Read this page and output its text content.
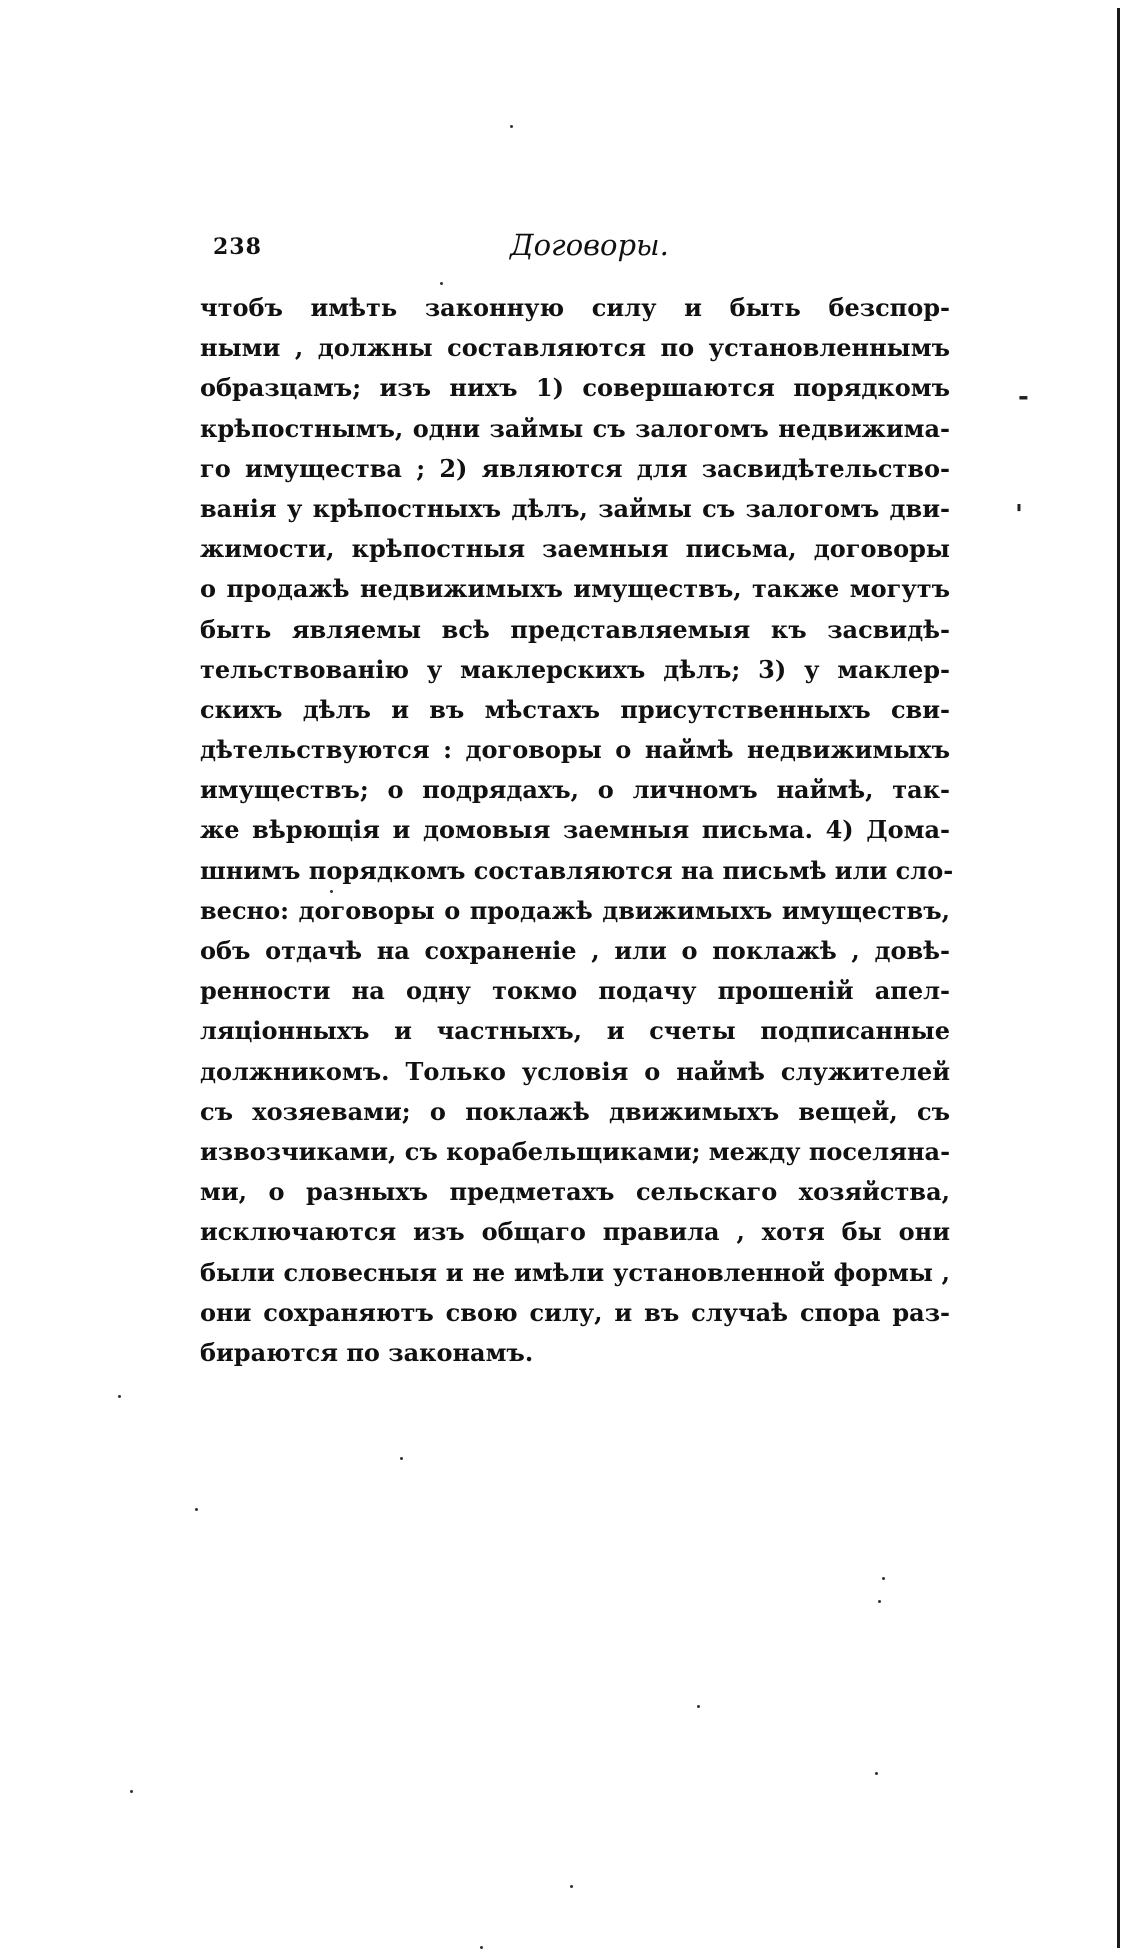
238	Договоры.
чтобъ имѣть законную силу и быть безспор-
ными , должны составляются по установленнымъ
образцамъ; изъ нихъ 1) совершаются порядкомъ
крѣпостнымъ, одни займы съ залогомъ недвижима-
го имущества ; 2) являются для засвидѣтельство-
ванія у крѣпостныхъ дѣлъ, займы съ залогомъ дви-
жимости, крѣпостныя заемныя письма, договоры
о продажѣ недвижимыхъ имуществъ, также могутъ
быть являемы всѣ представляемыя къ засвидѣ-
тельствованію у маклерскихъ дѣлъ; 3) у маклер-
скихъ дѣлъ и въ мѣстахъ присутственныхъ сви-
дѣтельствуются : договоры о наймѣ недвижимыхъ
имуществъ; о подрядахъ, о личномъ наймѣ, так-
же вѣрющія и домовыя заемныя письма. 4) Дома-
шнимъ порядкомъ составляются на письмѣ или сло-
весно: договоры о продажѣ движимыхъ имуществъ,
объ отдачѣ на сохраненіе , или о поклажѣ , довѣ-
ренности на одну токмо подачу прошеній апел-
ляціонныхъ и частныхъ, и счеты подписанные
должникомъ. Только условія о наймѣ служителей
съ хозяевами; о поклажѣ движимыхъ вещей, съ
извозчиками, съ корабельщиками; между поселяна-
ми, о разныхъ предметахъ сельскаго хозяйства,
исключаются изъ общаго правила , хотя бы они
были словесныя и не имѣли установленной формы ,
они сохраняютъ свою силу, и въ случаѣ спора раз-
бираются по законамъ.
-
'
